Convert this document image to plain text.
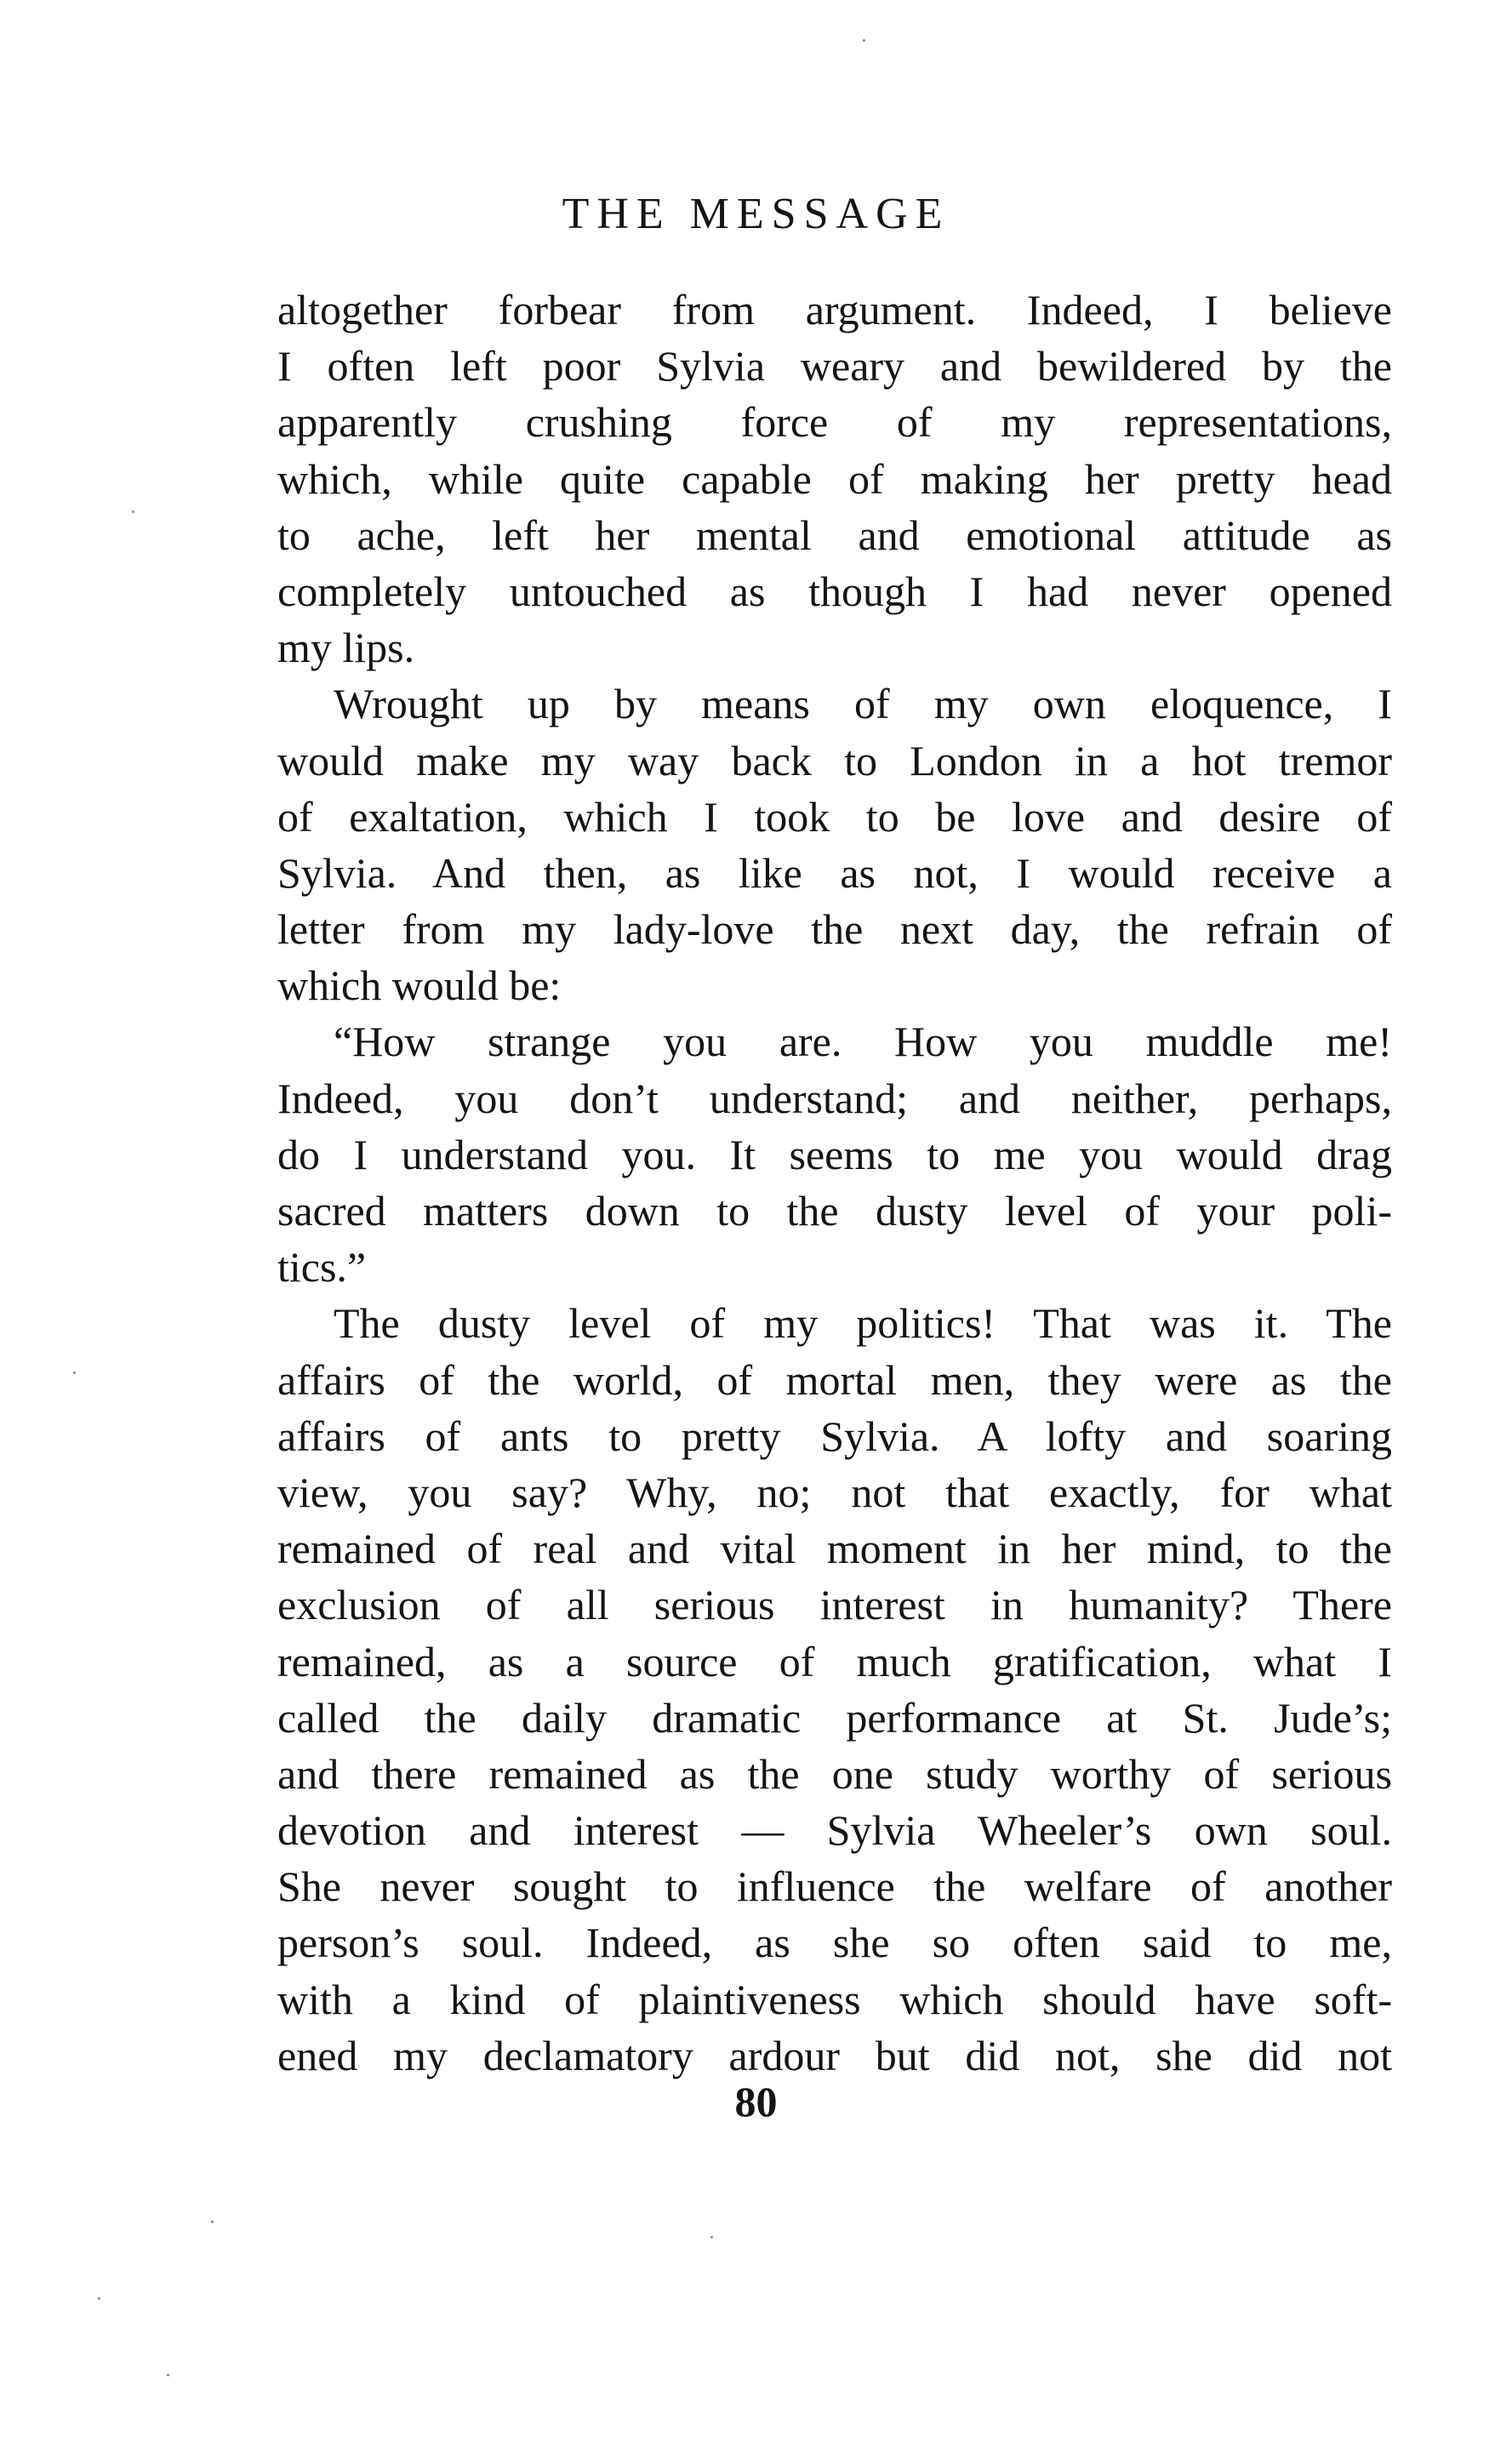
THE MESSAGE
altogether forbear from argument. Indeed, I believe
I often left poor Sylvia weary and bewildered by the
apparently crushing force of my representations,
which, while quite capable of making her pretty head
to ache, left her mental and emotional attitude as
completely untouched as though I had never opened
my lips.
Wrought up by means of my own eloquence, I
would make my way back to London in a hot tremor
of exaltation, which I took to be love and desire of
Sylvia. And then, as like as not, I would receive a
letter from my lady-love the next day, the refrain of
which would be:
“How strange you are. How you muddle me!
Indeed, you don’t understand; and neither, perhaps,
do I understand you. It seems to me you would drag
sacred matters down to the dusty level of your poli-
tics.”
The dusty level of my politics! That was it. The
affairs of the world, of mortal men, they were as the
affairs of ants to pretty Sylvia. A lofty and soaring
view, you say? Why, no; not that exactly, for what
remained of real and vital moment in her mind, to the
exclusion of all serious interest in humanity? There
remained, as a source of much gratification, what I
called the daily dramatic performance at St. Jude’s;
and there remained as the one study worthy of serious
devotion and interest — Sylvia Wheeler’s own soul.
She never sought to influence the welfare of another
person’s soul. Indeed, as she so often said to me,
with a kind of plaintiveness which should have soft-
ened my declamatory ardour but did not, she did not
80
